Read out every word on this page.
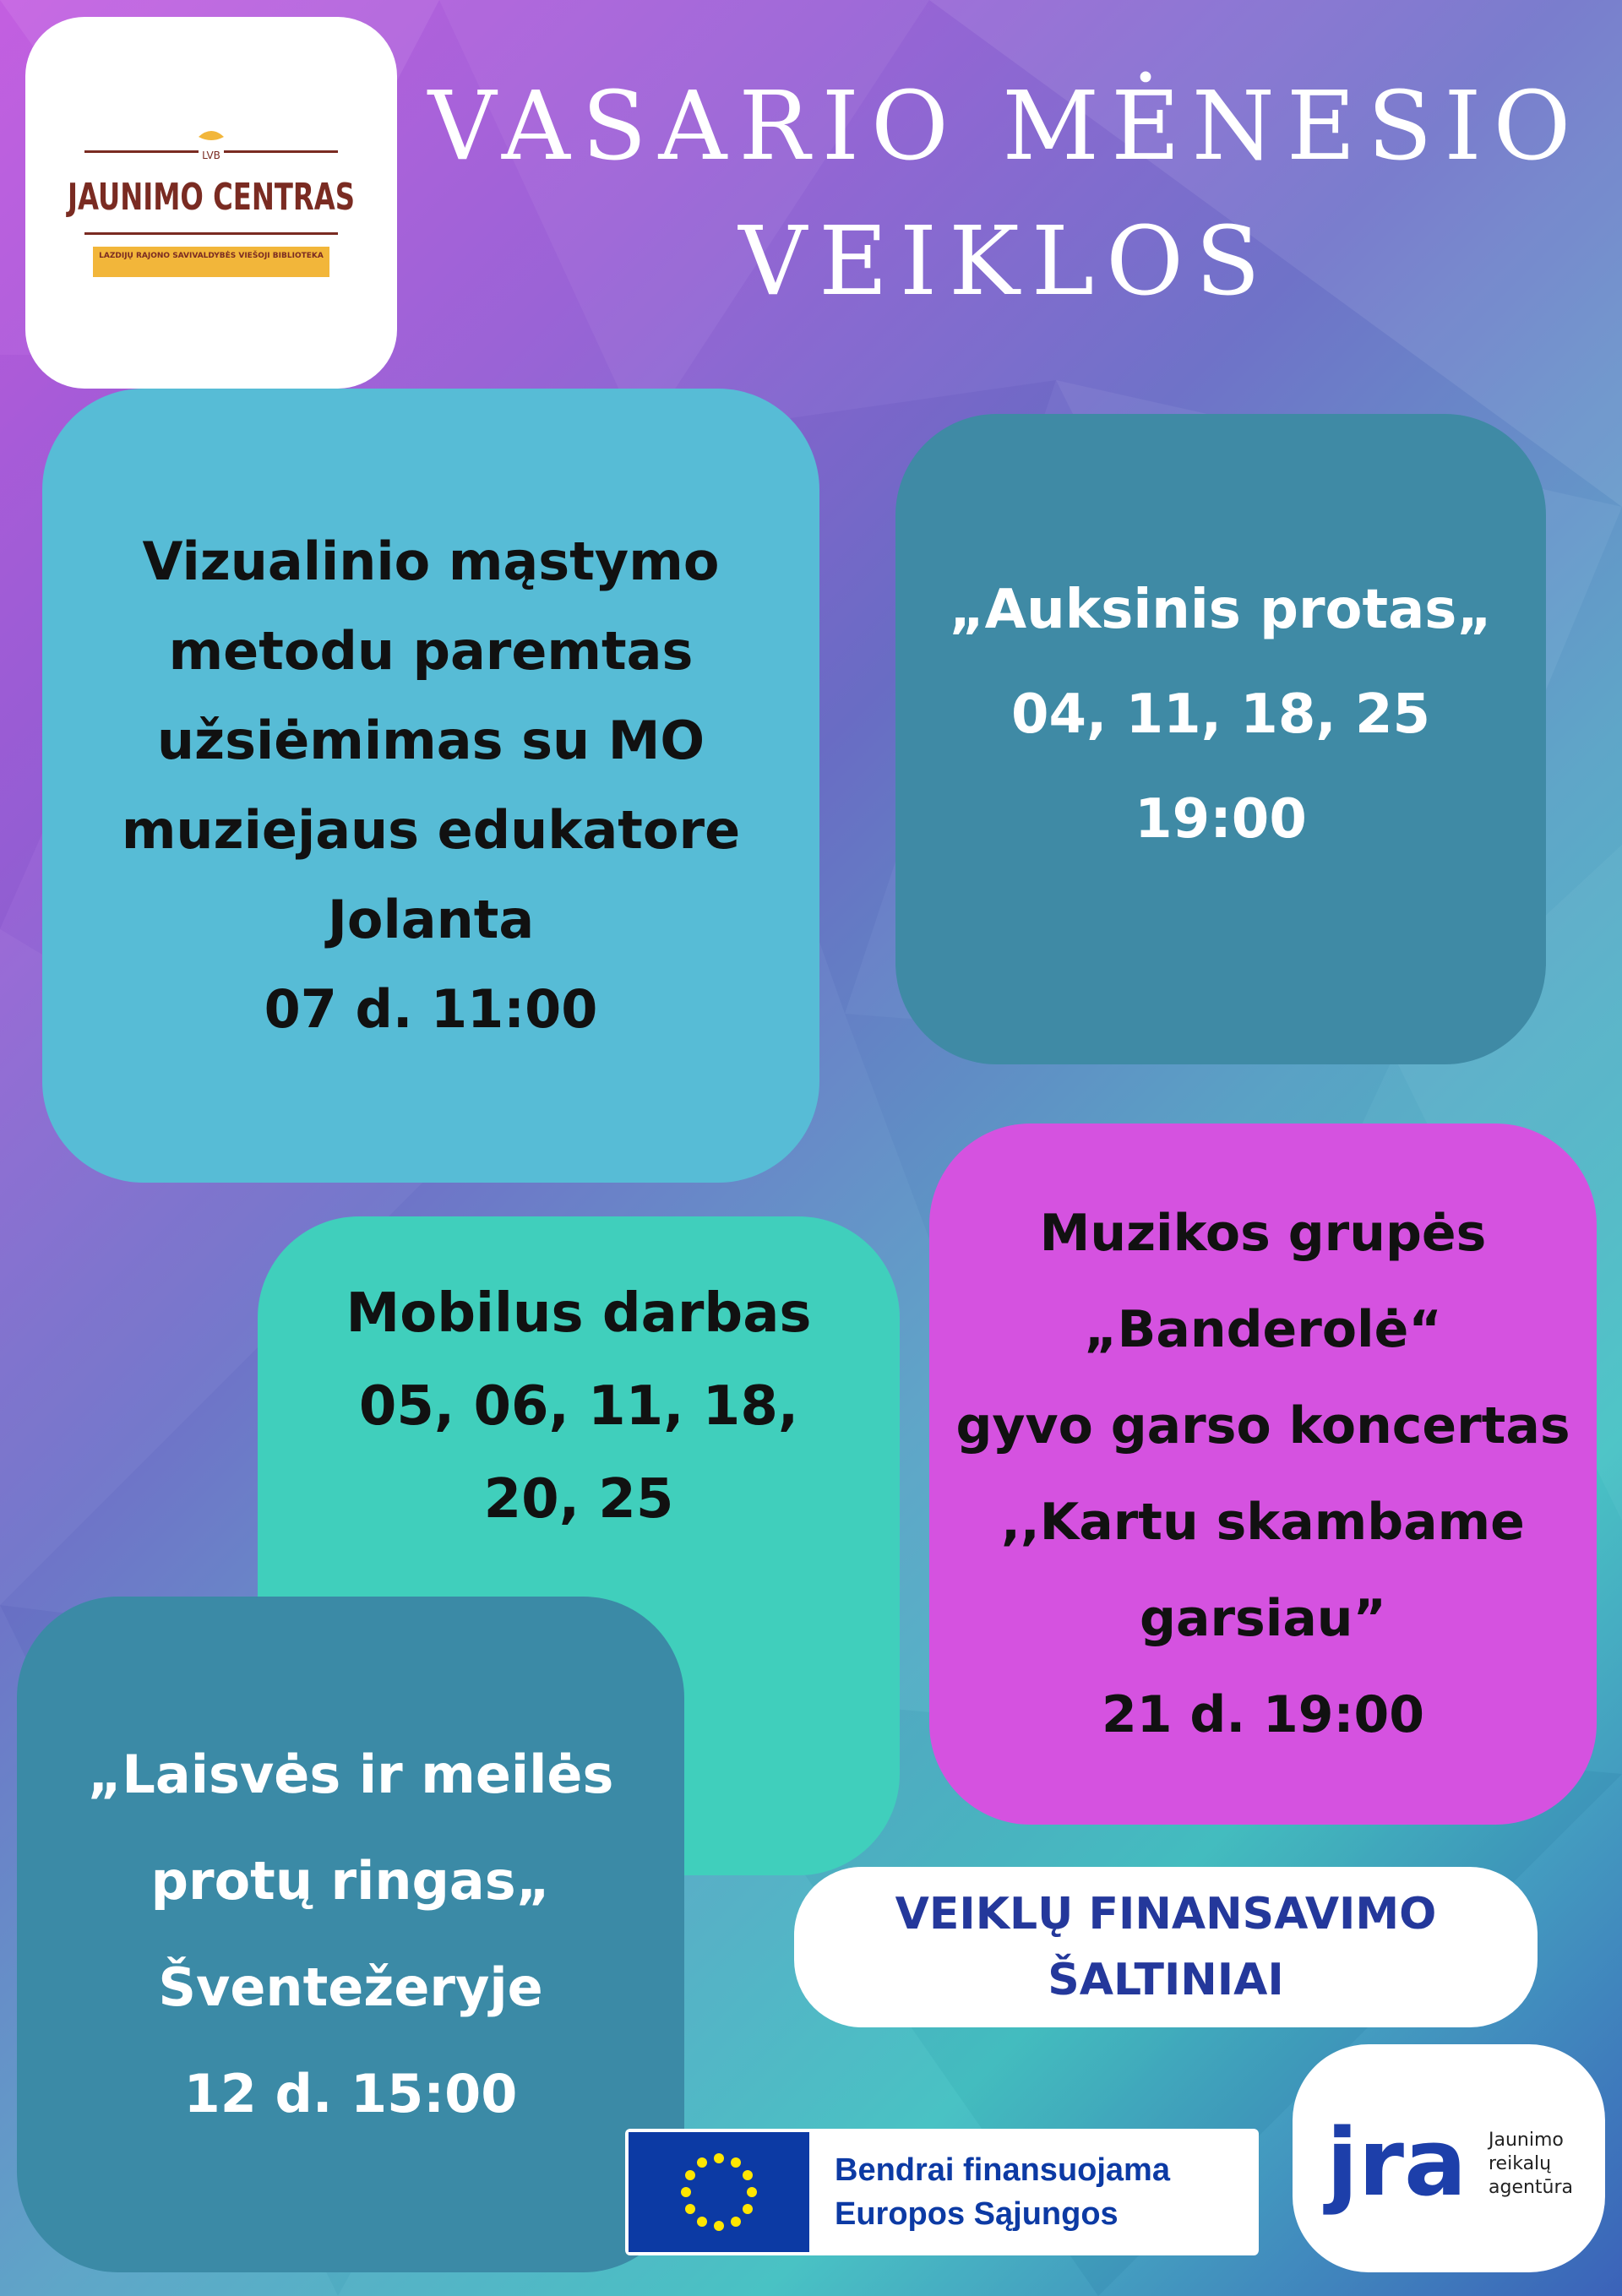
LVB
JAUNIMO CENTRAS
LAZDIJŲ RAJONO SAVIVALDYBĖS VIEŠOJI BIBLIOTEKA
VASARIO MĖNESIO
VEIKLOS
Vizualinio mąstymo
metodu paremtas
užsiėmimas su MO
muziejaus edukatore
Jolanta
07 d. 11:00
„Auksinis protas„
04, 11, 18, 25
19:00
Mobilus darbas
05, 06, 11, 18,
20, 25
Muzikos grupės
„Banderolė“
gyvo garso koncertas
,,Kartu skambame
garsiau”
21 d. 19:00
„Laisvės ir meilės
protų ringas„
Šventežeryje
12 d. 15:00
VEIKLŲ FINANSAVIMO
ŠALTINIAI
Bendrai finansuojama
Europos Sąjungos	jra Jaunimo
reikalų
agentūra
